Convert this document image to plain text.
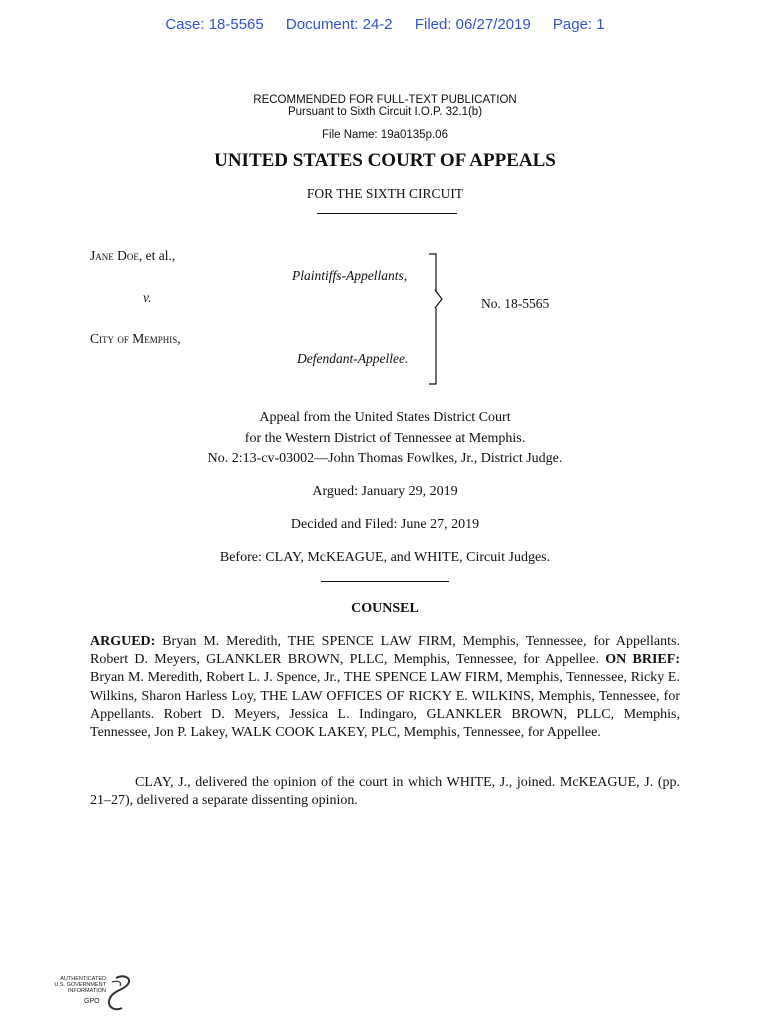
Case: 18-5565 Document: 24-2 Filed: 06/27/2019 Page: 1
RECOMMENDED FOR FULL-TEXT PUBLICATION
Pursuant to Sixth Circuit I.O.P. 32.1(b)
File Name: 19a0135p.06
UNITED STATES COURT OF APPEALS
FOR THE SIXTH CIRCUIT
Jane Doe, et al.,
Plaintiffs-Appellants,
v.
City of Memphis,
Defendant-Appellee.
No. 18-5565
Appeal from the United States District Court
for the Western District of Tennessee at Memphis.
No. 2:13-cv-03002—John Thomas Fowlkes, Jr., District Judge.
Argued: January 29, 2019
Decided and Filed: June 27, 2019
Before: CLAY, McKEAGUE, and WHITE, Circuit Judges.
COUNSEL
ARGUED: Bryan M. Meredith, THE SPENCE LAW FIRM, Memphis, Tennessee, for Appellants. Robert D. Meyers, GLANKLER BROWN, PLLC, Memphis, Tennessee, for Appellee. ON BRIEF: Bryan M. Meredith, Robert L. J. Spence, Jr., THE SPENCE LAW FIRM, Memphis, Tennessee, Ricky E. Wilkins, Sharon Harless Loy, THE LAW OFFICES OF RICKY E. WILKINS, Memphis, Tennessee, for Appellants. Robert D. Meyers, Jessica L. Indingaro, GLANKLER BROWN, PLLC, Memphis, Tennessee, Jon P. Lakey, WALK COOK LAKEY, PLC, Memphis, Tennessee, for Appellee.
CLAY, J., delivered the opinion of the court in which WHITE, J., joined. McKEAGUE, J. (pp. 21–27), delivered a separate dissenting opinion.
AUTHENTICATED
U.S. GOVERNMENT
INFORMATION
GPO
